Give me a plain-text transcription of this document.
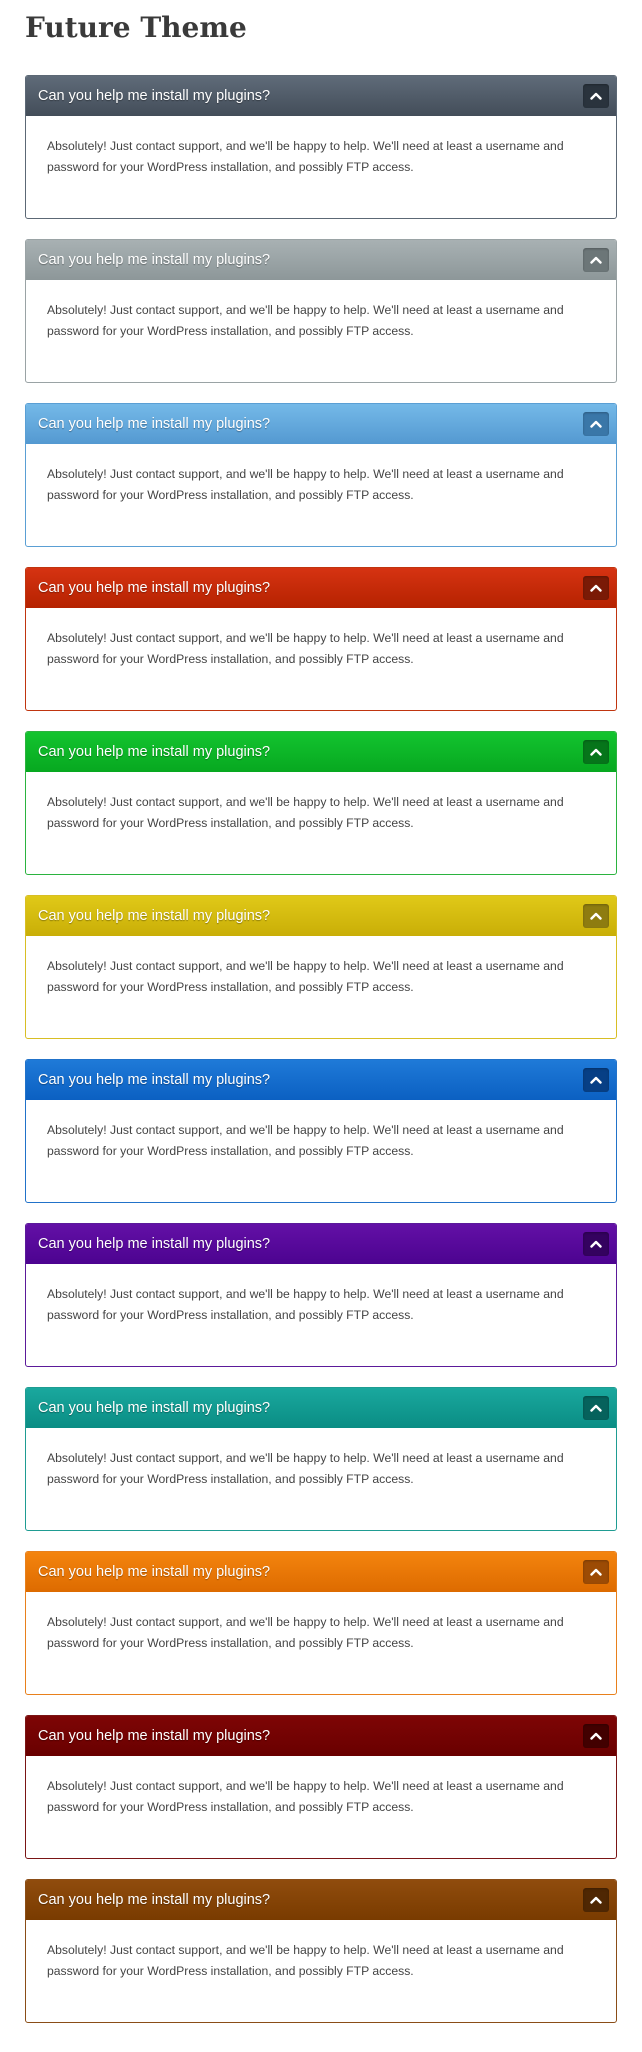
Future Theme
Can you help me install my plugins?

Absolutely! Just contact support, and we'll be happy to help. We'll need at least a username and password for your WordPress installation, and possibly FTP access.

Can you help me install my plugins?

Absolutely! Just contact support, and we'll be happy to help. We'll need at least a username and password for your WordPress installation, and possibly FTP access.

Can you help me install my plugins?

Absolutely! Just contact support, and we'll be happy to help. We'll need at least a username and password for your WordPress installation, and possibly FTP access.

Can you help me install my plugins?

Absolutely! Just contact support, and we'll be happy to help. We'll need at least a username and password for your WordPress installation, and possibly FTP access.

Can you help me install my plugins?

Absolutely! Just contact support, and we'll be happy to help. We'll need at least a username and password for your WordPress installation, and possibly FTP access.

Can you help me install my plugins?

Absolutely! Just contact support, and we'll be happy to help. We'll need at least a username and password for your WordPress installation, and possibly FTP access.

Can you help me install my plugins?

Absolutely! Just contact support, and we'll be happy to help. We'll need at least a username and password for your WordPress installation, and possibly FTP access.

Can you help me install my plugins?

Absolutely! Just contact support, and we'll be happy to help. We'll need at least a username and password for your WordPress installation, and possibly FTP access.

Can you help me install my plugins?

Absolutely! Just contact support, and we'll be happy to help. We'll need at least a username and password for your WordPress installation, and possibly FTP access.

Can you help me install my plugins?

Absolutely! Just contact support, and we'll be happy to help. We'll need at least a username and password for your WordPress installation, and possibly FTP access.

Can you help me install my plugins?

Absolutely! Just contact support, and we'll be happy to help. We'll need at least a username and password for your WordPress installation, and possibly FTP access.

Can you help me install my plugins?

Absolutely! Just contact support, and we'll be happy to help. We'll need at least a username and password for your WordPress installation, and possibly FTP access.
